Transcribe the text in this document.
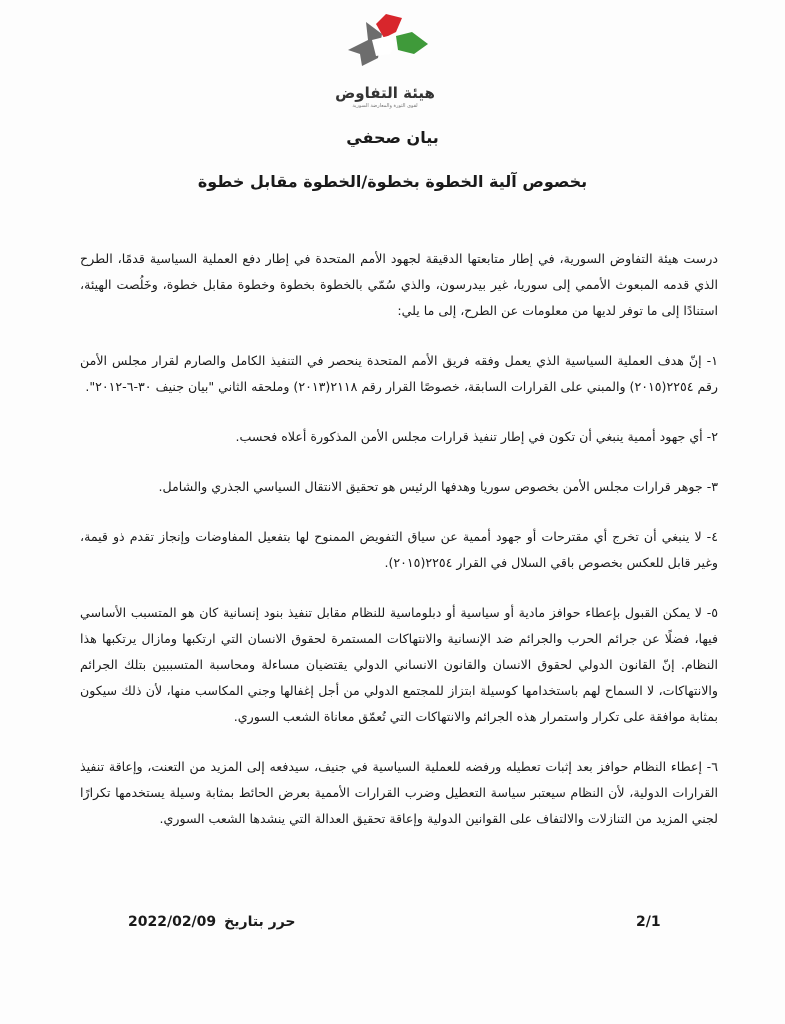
هيئة التفاوض
لقوى الثورة والمعارضة السورية
بيان صحفي
بخصوص آلية الخطوة بخطوة/الخطوة مقابل خطوة

درست هيئة التفاوض السورية، في إطار متابعتها الدقيقة لجهود الأمم المتحدة في إطار دفع العملية السياسية قدمًا، الطرح الذي قدمه المبعوث الأممي إلى سوريا، غير بيدرسون، والذي سُمّي بالخطوة بخطوة وخطوة مقابل خطوة، وخَلُصت الهيئة، استنادًا إلى ما توفر لديها من معلومات عن الطرح، إلى ما يلي:

١- إنّ هدف العملية السياسية الذي يعمل وفقه فريق الأمم المتحدة ينحصر في التنفيذ الكامل والصارم لقرار مجلس الأمن رقم ٢٢٥٤(٢٠١٥) والمبني على القرارات السابقة، خصوصًا القرار رقم ٢١١٨(٢٠١٣) وملحقه الثاني "بيان جنيف ٣٠-٦-٢٠١٢".

٢- أي جهود أممية ينبغي أن تكون في إطار تنفيذ قرارات مجلس الأمن المذكورة أعلاه فحسب.

٣- جوهر قرارات مجلس الأمن بخصوص سوريا وهدفها الرئيس هو تحقيق الانتقال السياسي الجذري والشامل.

٤- لا ينبغي أن تخرج أي مقترحات أو جهود أممية عن سياق التفويض الممنوح لها بتفعيل المفاوضات وإنجاز تقدم ذو قيمة، وغير قابل للعكس بخصوص باقي السلال في القرار ٢٢٥٤(٢٠١٥).

٥- لا يمكن القبول بإعطاء حوافز مادية أو سياسية أو دبلوماسية للنظام مقابل تنفيذ بنود إنسانية كان هو المتسبب الأساسي فيها، فضلًا عن جرائم الحرب والجرائم ضد الإنسانية والانتهاكات المستمرة لحقوق الانسان التي ارتكبها ومازال يرتكبها هذا النظام. إنّ القانون الدولي لحقوق الانسان والقانون الانساني الدولي يقتضيان مساءلة ومحاسبة المتسببين بتلك الجرائم والانتهاكات، لا السماح لهم باستخدامها كوسيلة ابتزاز للمجتمع الدولي من أجل إغفالها وجني المكاسب منها، لأن ذلك سيكون بمثابة موافقة على تكرار واستمرار هذه الجرائم والانتهاكات التي تُعمّق معاناة الشعب السوري.

٦- إعطاء النظام حوافز بعد إثبات تعطيله ورفضه للعملية السياسية في جنيف، سيدفعه إلى المزيد من التعنت، وإعاقة تنفيذ القرارات الدولية، لأن النظام سيعتبر سياسة التعطيل وضرب القرارات الأممية بعرض الحائط بمثابة وسيلة يستخدمها تكرارًا لجني المزيد من التنازلات والالتفاف على القوانين الدولية وإعاقة تحقيق العدالة التي ينشدها الشعب السوري.

حرر بتاريخ
2022/02/09	2/1
